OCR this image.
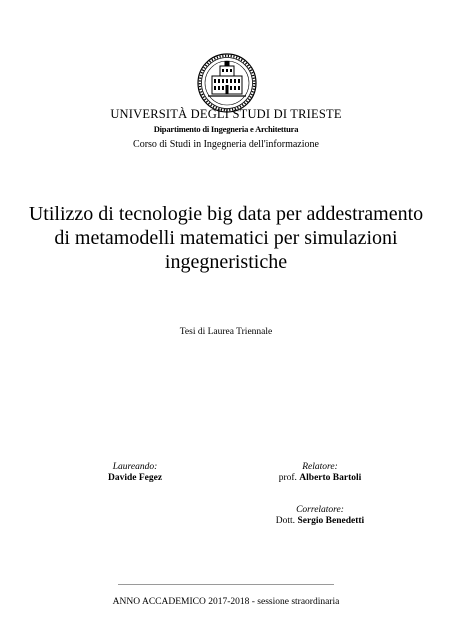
UNIVERSITÀ DEGLI STUDI DI TRIESTE
Dipartimento di Ingegneria e Architettura
Corso di Studi in Ingegneria dell'informazione
Utilizzo di tecnologie big data per addestramento
di metamodelli matematici per simulazioni
ingegneristiche
Tesi di Laurea Triennale
Laureando:
Davide Fegez
Relatore:
prof. Alberto Bartoli
Correlatore:
Dott. Sergio Benedetti
ANNO ACCADEMICO 2017-2018 - sessione straordinaria
